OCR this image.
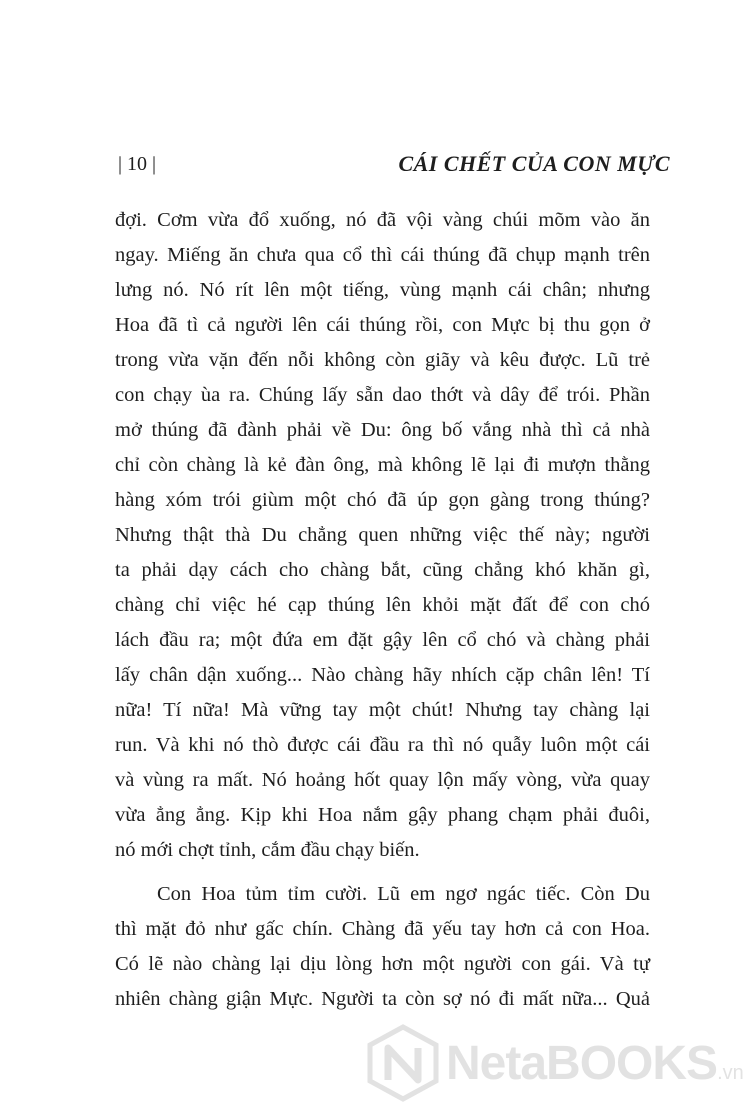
| 10 |	CÁI CHẾT CỦA CON MỰC
đợi. Cơm vừa đổ xuống, nó đã vội vàng chúi mõm vào ăn
ngay. Miếng ăn chưa qua cổ thì cái thúng đã chụp mạnh trên
lưng nó. Nó rít lên một tiếng, vùng mạnh cái chân; nhưng
Hoa đã tì cả người lên cái thúng rồi, con Mực bị thu gọn ở
trong vừa vặn đến nỗi không còn giãy và kêu được. Lũ trẻ
con chạy ùa ra. Chúng lấy sẵn dao thớt và dây để trói. Phần
mở thúng đã đành phải về Du: ông bố vắng nhà thì cả nhà
chỉ còn chàng là kẻ đàn ông, mà không lẽ lại đi mượn thằng
hàng xóm trói giùm một chó đã úp gọn gàng trong thúng?
Nhưng thật thà Du chẳng quen những việc thế này; người
ta phải dạy cách cho chàng bắt, cũng chẳng khó khăn gì,
chàng chỉ việc hé cạp thúng lên khỏi mặt đất để con chó
lách đầu ra; một đứa em đặt gậy lên cổ chó và chàng phải
lấy chân dận xuống... Nào chàng hãy nhích cặp chân lên! Tí
nữa! Tí nữa! Mà vững tay một chút! Nhưng tay chàng lại
run. Và khi nó thò được cái đầu ra thì nó quẫy luôn một cái
và vùng ra mất. Nó hoảng hốt quay lộn mấy vòng, vừa quay
vừa ẳng ẳng. Kịp khi Hoa nắm gậy phang chạm phải đuôi,
nó mới chợt tỉnh, cắm đầu chạy biến.
Con Hoa tủm tỉm cười. Lũ em ngơ ngác tiếc. Còn Du
thì mặt đỏ như gấc chín. Chàng đã yếu tay hơn cả con Hoa.
Có lẽ nào chàng lại dịu lòng hơn một người con gái. Và tự
nhiên chàng giận Mực. Người ta còn sợ nó đi mất nữa... Quả
NetaBOOKS.vn
